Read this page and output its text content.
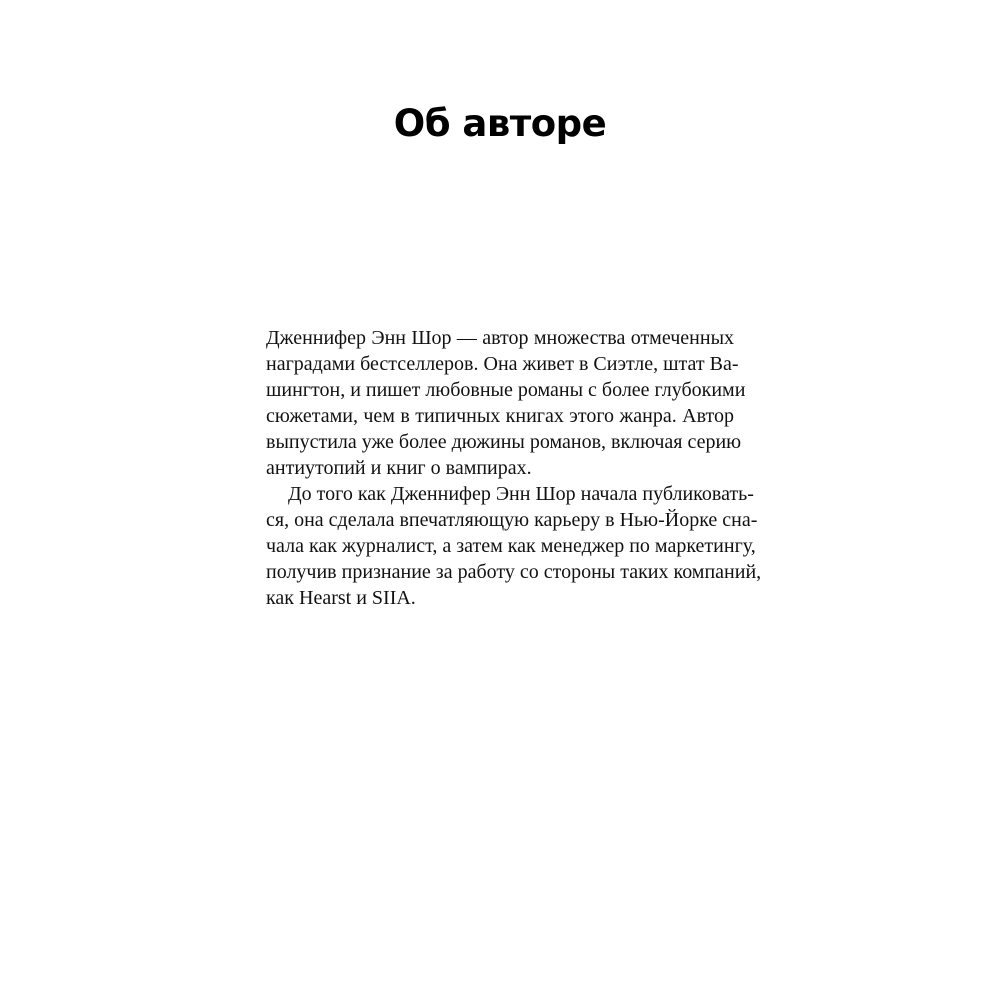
Об авторе
Дженнифер Энн Шор — автор множества отмеченных
наградами бестселлеров. Она живет в Сиэтле, штат Ва-
шингтон, и пишет любовные романы с более глубокими
сюжетами, чем в типичных книгах этого жанра. Автор
выпустила уже более дюжины романов, включая серию
антиутопий и книг о вампирах.
До того как Дженнифер Энн Шор начала публиковать-
ся, она сделала впечатляющую карьеру в Нью-Йорке сна-
чала как журналист, а затем как менеджер по маркетингу,
получив признание за работу со стороны таких компаний,
как Hearst и SIIA.
